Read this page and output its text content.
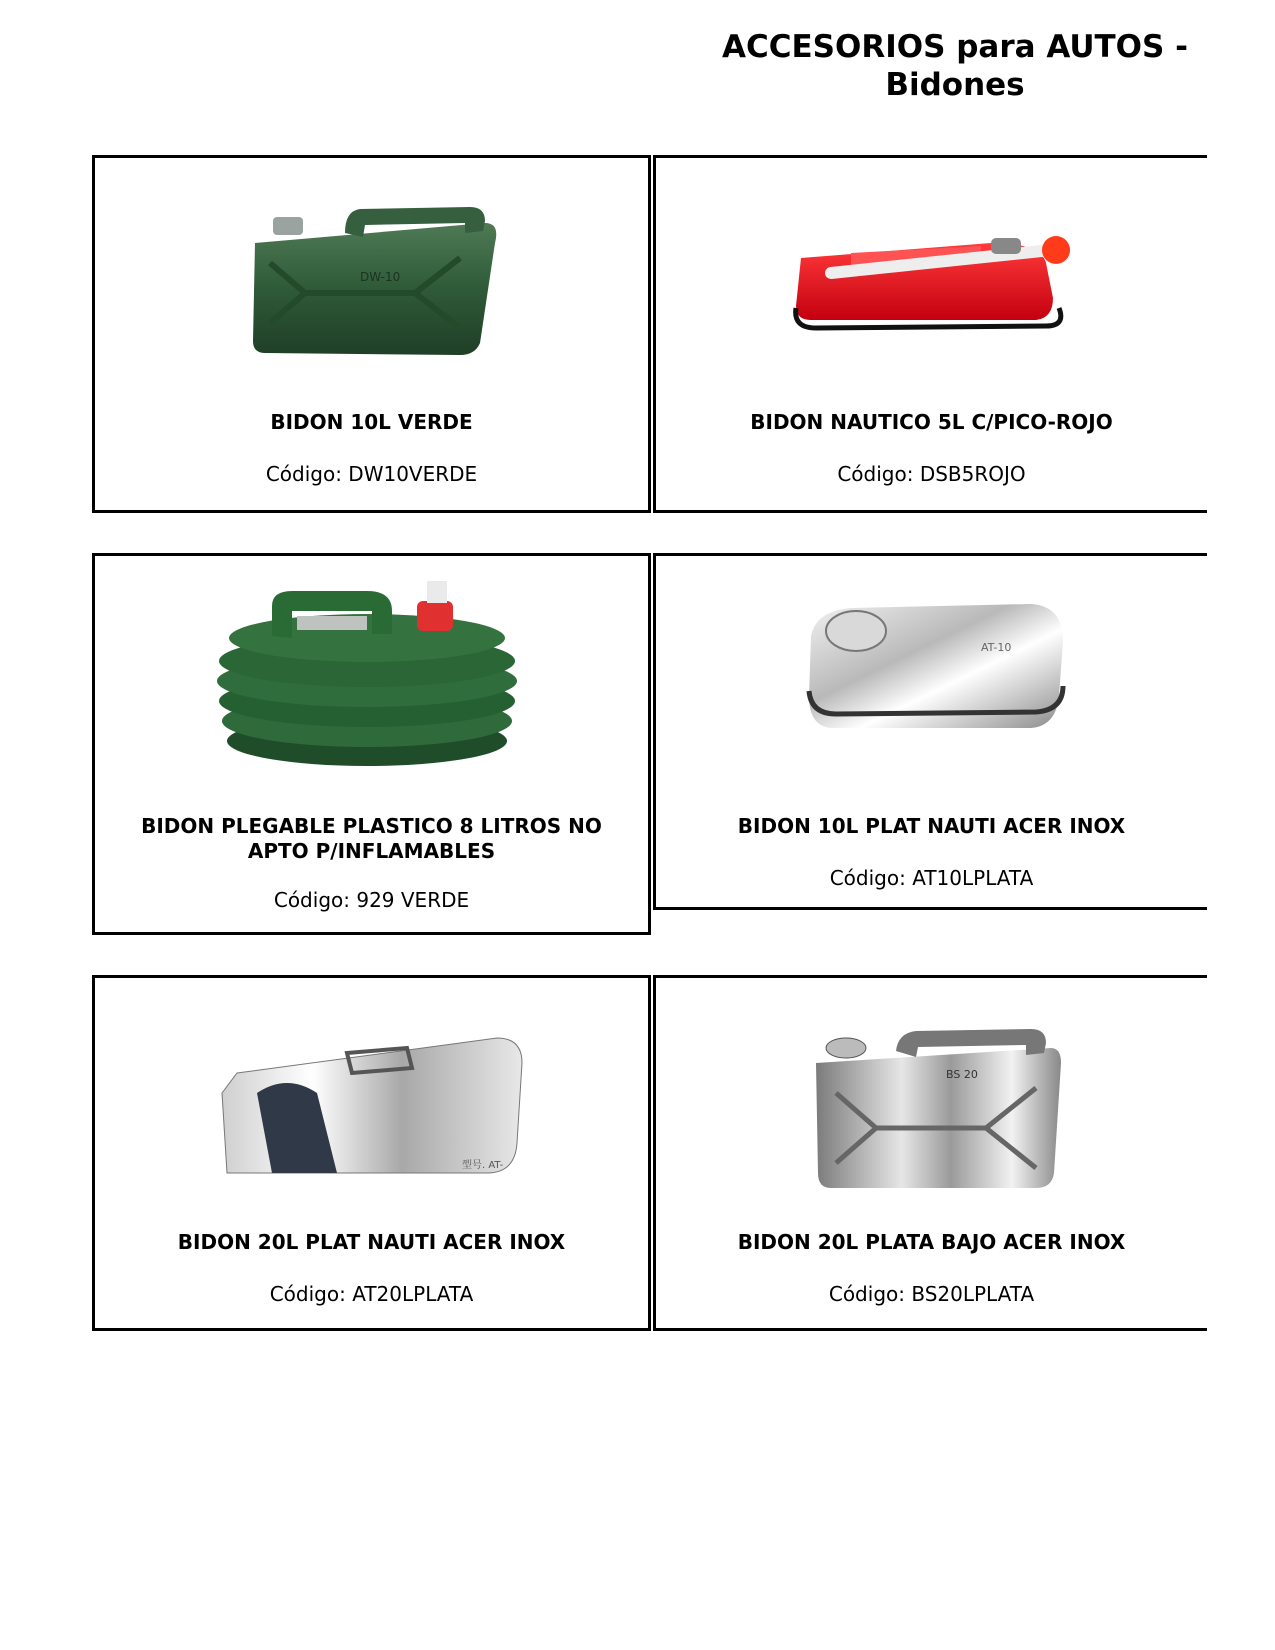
ACCESORIOS para AUTOS -
Bidones
DW-10
BIDON 10L VERDE
Código: DW10VERDE
BIDON NAUTICO 5L C/PICO-ROJO
Código: DSB5ROJO
BIDON PLEGABLE PLASTICO 8 LITROS NO APTO P/INFLAMABLES
Código: 929 VERDE
AT-10
BIDON 10L PLAT NAUTI ACER INOX
Código: AT10LPLATA
型号. AT-
BIDON 20L PLAT NAUTI ACER INOX
Código: AT20LPLATA
BS 20
BIDON 20L PLATA BAJO ACER INOX
Código: BS20LPLATA
